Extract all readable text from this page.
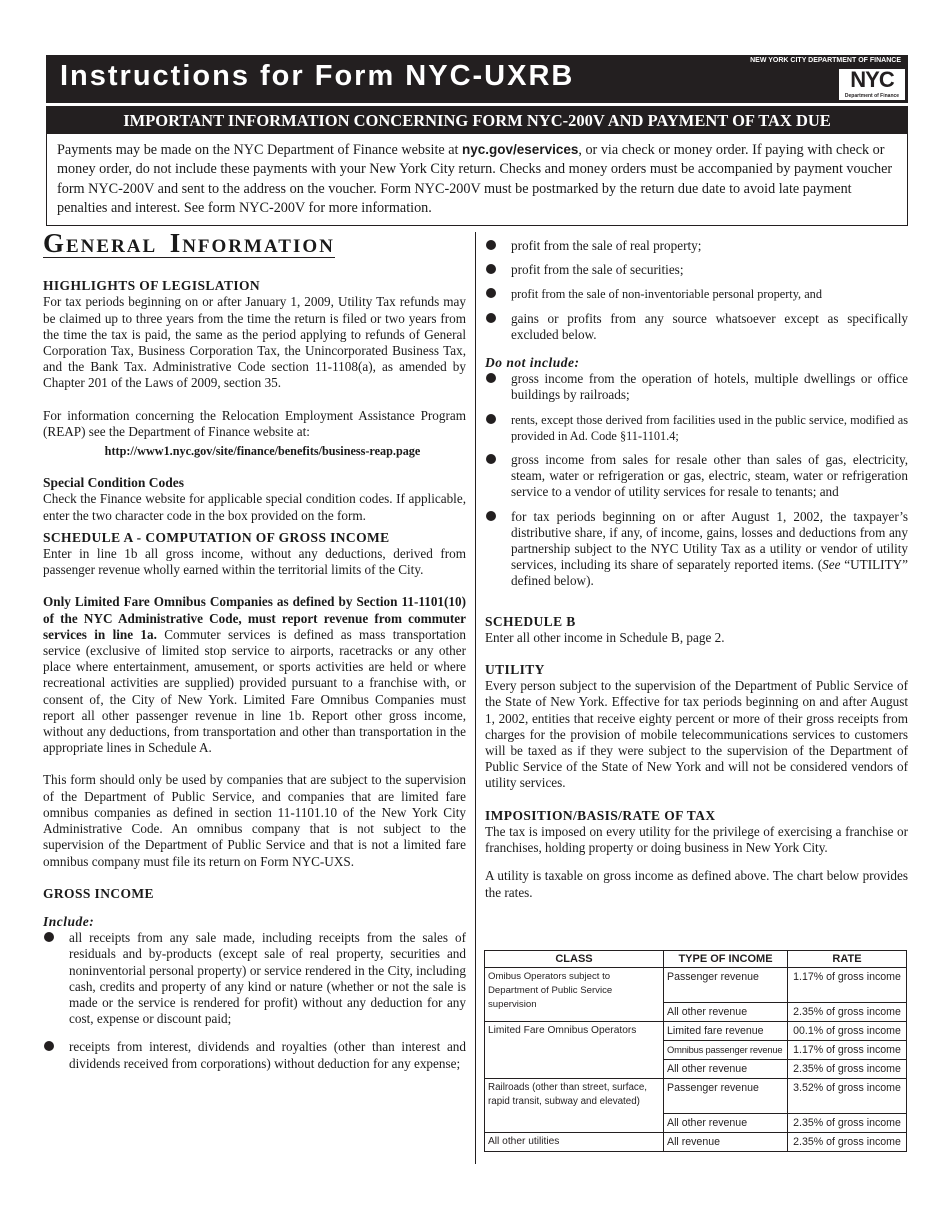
Instructions for Form NYC-UXRB	NEW YORK CITY DEPARTMENT OF FINANCE
NYC
Department of Finance
IMPORTANT INFORMATION CONCERNING FORM NYC-200V AND PAYMENT OF TAX DUE
Payments may be made on the NYC Department of Finance website at nyc.gov/eservices, or via check or money order. If paying with check or money order, do not include these payments with your New York City return. Checks and money orders must be accompanied by payment voucher form NYC-200V and sent to the address on the voucher. Form NYC-200V must be postmarked by the return due date to avoid late payment penalties and interest. See form NYC-200V for more information.
General Information

HIGHLIGHTS OF LEGISLATION

For tax periods beginning on or after January 1, 2009, Utility Tax refunds may be claimed up to three years from the time the return is filed or two years from the time the tax is paid, the same as the period applying to refunds of General Corporation Tax, Business Corporation Tax, the Unincorporated Business Tax, and the Bank Tax. Administrative Code section 11-1108(a), as amended by Chapter 201 of the Laws of 2009, section 35.

For information concerning the Relocation Employment Assistance Program (REAP) see the Department of Finance website at:

http://www1.nyc.gov/site/finance/benefits/business-reap.page

Special Condition Codes

Check the Finance website for applicable special condition codes. If applicable, enter the two character code in the box provided on the form.

SCHEDULE A - COMPUTATION OF GROSS INCOME

Enter in line 1b all gross income, without any deductions, derived from passenger revenue wholly earned within the territorial limits of the City.

Only Limited Fare Omnibus Companies as defined by Section 11-1101(10) of the NYC Administrative Code, must report revenue from commuter services in line 1a. Commuter services is defined as mass transportation service (exclusive of limited stop service to airports, racetracks or any other place where entertainment, amusement, or sports activities are held or where recreational activities are supplied) provided pursuant to a franchise with, or consent of, the City of New York. Limited Fare Omnibus Companies must report all other passenger revenue in line 1b. Report other gross income, without any deductions, from transportation and other than transportation in the appropriate lines in Schedule A.

This form should only be used by companies that are subject to the supervision of the Department of Public Service, and companies that are limited fare omnibus companies as defined in section 11-1101.10 of the New York City Administrative Code. An omnibus company that is not subject to the supervision of the Department of Public Service and that is not a limited fare omnibus company must file its return on Form NYC-UXS.

GROSS INCOME

Include:

all receipts from any sale made, including receipts from the sales of residuals and by-products (except sale of real property, securities and noninventorial personal property) or service rendered in the City, including cash, credits and property of any kind or nature (whether or not the sale is made or the service is rendered for profit) without any deduction for any cost, expense or discount paid;
receipts from interest, dividends and royalties (other than interest and dividends received from corporations) without deduction for any expense;
profit from the sale of real property;
profit from the sale of securities;
profit from the sale of non-inventoriable personal property, and
gains or profits from any source whatsoever except as specifically excluded below.

Do not include:

gross income from the operation of hotels, multiple dwellings or office buildings by railroads;
rents, except those derived from facilities used in the public service, modified as provided in Ad. Code §11-1101.4;
gross income from sales for resale other than sales of gas, electricity, steam, water or refrigeration or gas, electric, steam, water or refrigeration service to a vendor of utility services for resale to tenants; and
for tax periods beginning on or after August 1, 2002, the taxpayer’s distributive share, if any, of income, gains, losses and deductions from any partnership subject to the NYC Utility Tax as a utility or vendor of utility services, including its share of separately reported items. (See “UTILITY” defined below).

SCHEDULE B

Enter all other income in Schedule B, page 2.

UTILITY

Every person subject to the supervision of the Department of Public Service of the State of New York. Effective for tax periods beginning on and after August 1, 2002, entities that receive eighty percent or more of their gross receipts from charges for the provision of mobile telecommunications services to customers will be taxed as if they were subject to the supervision of the Department of Public Service of the State of New York and will not be considered vendors of utility services.

IMPOSITION/BASIS/RATE OF TAX

The tax is imposed on every utility for the privilege of exercising a franchise or franchises, holding property or doing business in New York City.

A utility is taxable on gross income as defined above. The chart below provides the rates.

CLASS	TYPE OF INCOME	RATE
Omibus Operators subject to Department of Public Service supervision	Passenger revenue	1.17% of gross income
	All other revenue	2.35% of gross income
Limited Fare Omnibus Operators	Limited fare revenue	00.1% of gross income
	Omnibus passenger revenue	1.17% of gross income
	All other revenue	2.35% of gross income
Railroads (other than street, surface, rapid transit, subway and elevated)	Passenger revenue	3.52% of gross income
	All other revenue	2.35% of gross income
All other utilities	All revenue	2.35% of gross income
